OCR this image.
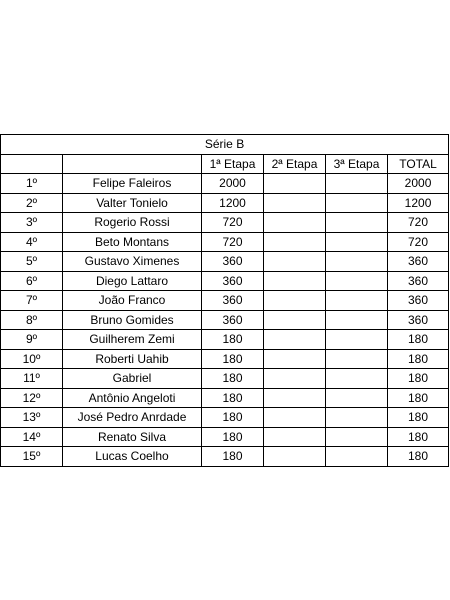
Série B					
		1ª Etapa	2ª Etapa	3ª Etapa	TOTAL
1º	Felipe Faleiros	2000			2000
2º	Valter Tonielo	1200			1200
3º	Rogerio Rossi	720			720
4º	Beto Montans	720			720
5º	Gustavo Ximenes	360			360
6º	Diego Lattaro	360			360
7º	João Franco	360			360
8º	Bruno Gomides	360			360
9º	Guilherem Zemi	180			180
10º	Roberti Uahib	180			180
11º	Gabriel	180			180
12º	Antônio Angeloti	180			180
13º	José Pedro Anrdade	180			180
14º	Renato Silva	180			180
15º	Lucas Coelho	180			180
